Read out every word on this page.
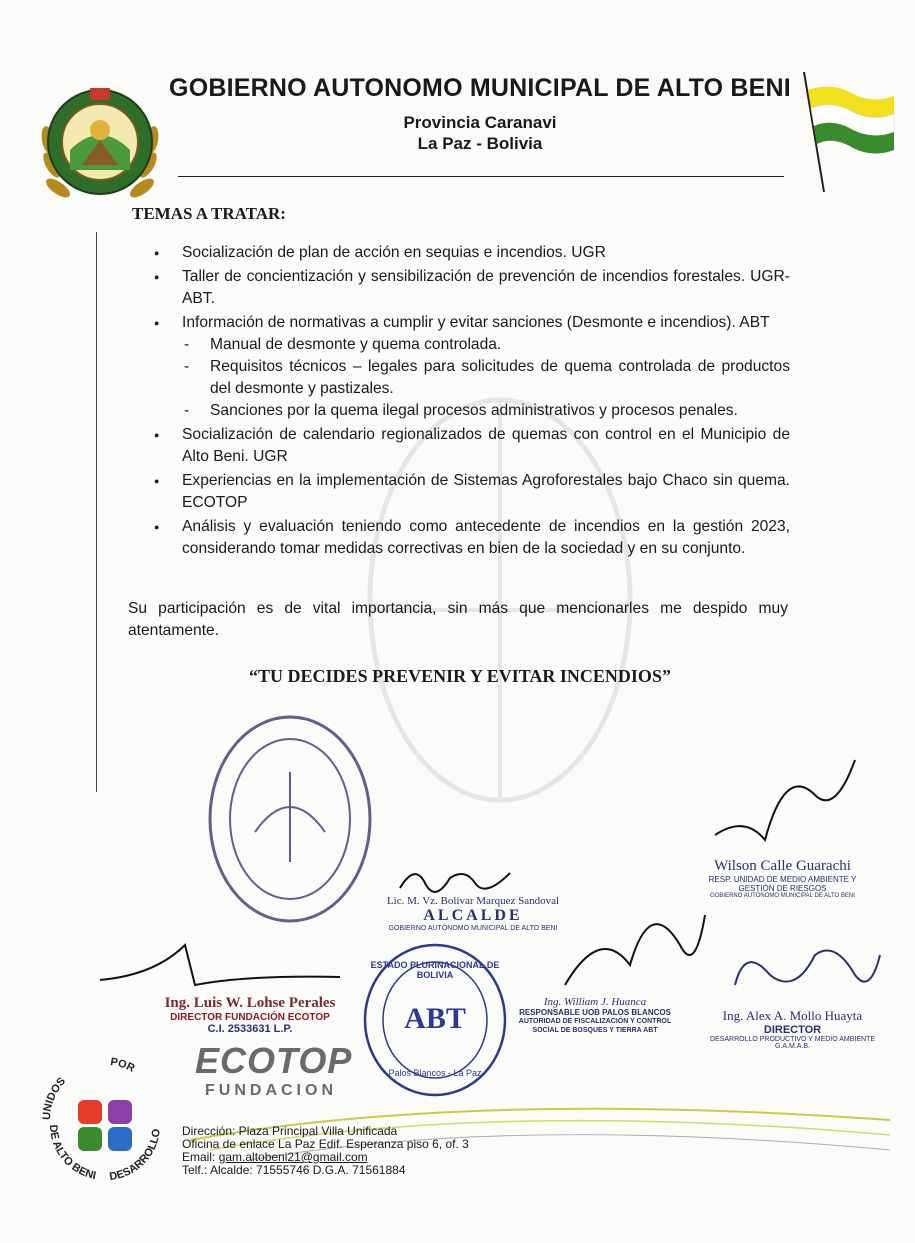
GOBIERNO AUTONOMO MUNICIPAL DE ALTO BENI
Provincia Caranavi
La Paz - Bolivia
TEMAS A TRATAR:
● Socialización de plan de acción en sequias e incendios. UGR
● Taller de concientización y sensibilización de prevención de incendios forestales. UGR-ABT.
● Información de normativas a cumplir y evitar sanciones (Desmonte e incendios). ABT
- Manual de desmonte y quema controlada.
- Requisitos técnicos – legales para solicitudes de quema controlada de productos del desmonte y pastizales.
- Sanciones por la quema ilegal procesos administrativos y procesos penales.
● Socialización de calendario regionalizados de quemas con control en el Municipio de Alto Beni. UGR
● Experiencias en la implementación de Sistemas Agroforestales bajo Chaco sin quema. ECOTOP
● Análisis y evaluación teniendo como antecedente de incendios en la gestión 2023, considerando tomar medidas correctivas en bien de la sociedad y en su conjunto.
Su participación es de vital importancia, sin más que mencionarles me despido muy atentamente.
“TU DECIDES PREVENIR Y EVITAR INCENDIOS”
Lic. M. Vz. Bolívar Marquez Sandoval
ALCALDE
GOBIERNO AUTÓNOMO MUNICIPAL DE ALTO BENI
Wilson Calle Guarachi
RESP. UNIDAD DE MEDIO AMBIENTE Y GESTIÓN DE RIESGOS
GOBIERNO AUTÓNOMO MUNICIPAL DE ALTO BENI
Ing. Luis W. Lohse Perales
DIRECTOR FUNDACIÓN ECOTOP
C.I. 2533631 L.P.
ECOTOP
FUNDACION
ESTADO PLURINACIONAL DE BOLIVIA
ABT
Palos Blancos - La Paz
Ing. William J. Huanca
RESPONSABLE UOB PALOS BLANCOS
AUTORIDAD DE FISCALIZACIÓN Y CONTROL SOCIAL DE BOSQUES Y TIERRA ABT
Ing. Alex A. Mollo Huayta
DIRECTOR
DESARROLLO PRODUCTIVO Y MEDIO AMBIENTE G.A.M.A.B.
UNIDOS
POR
DE ALTO BENI DESARROLLO Dirección: Plaza Principal Villa Unificada
Oficina de enlace La Paz Edif. Esperanza piso 6, of. 3
Email: gam.altobeni21@gmail.com
Telf.: Alcalde: 71555746 D.G.A. 71561884
